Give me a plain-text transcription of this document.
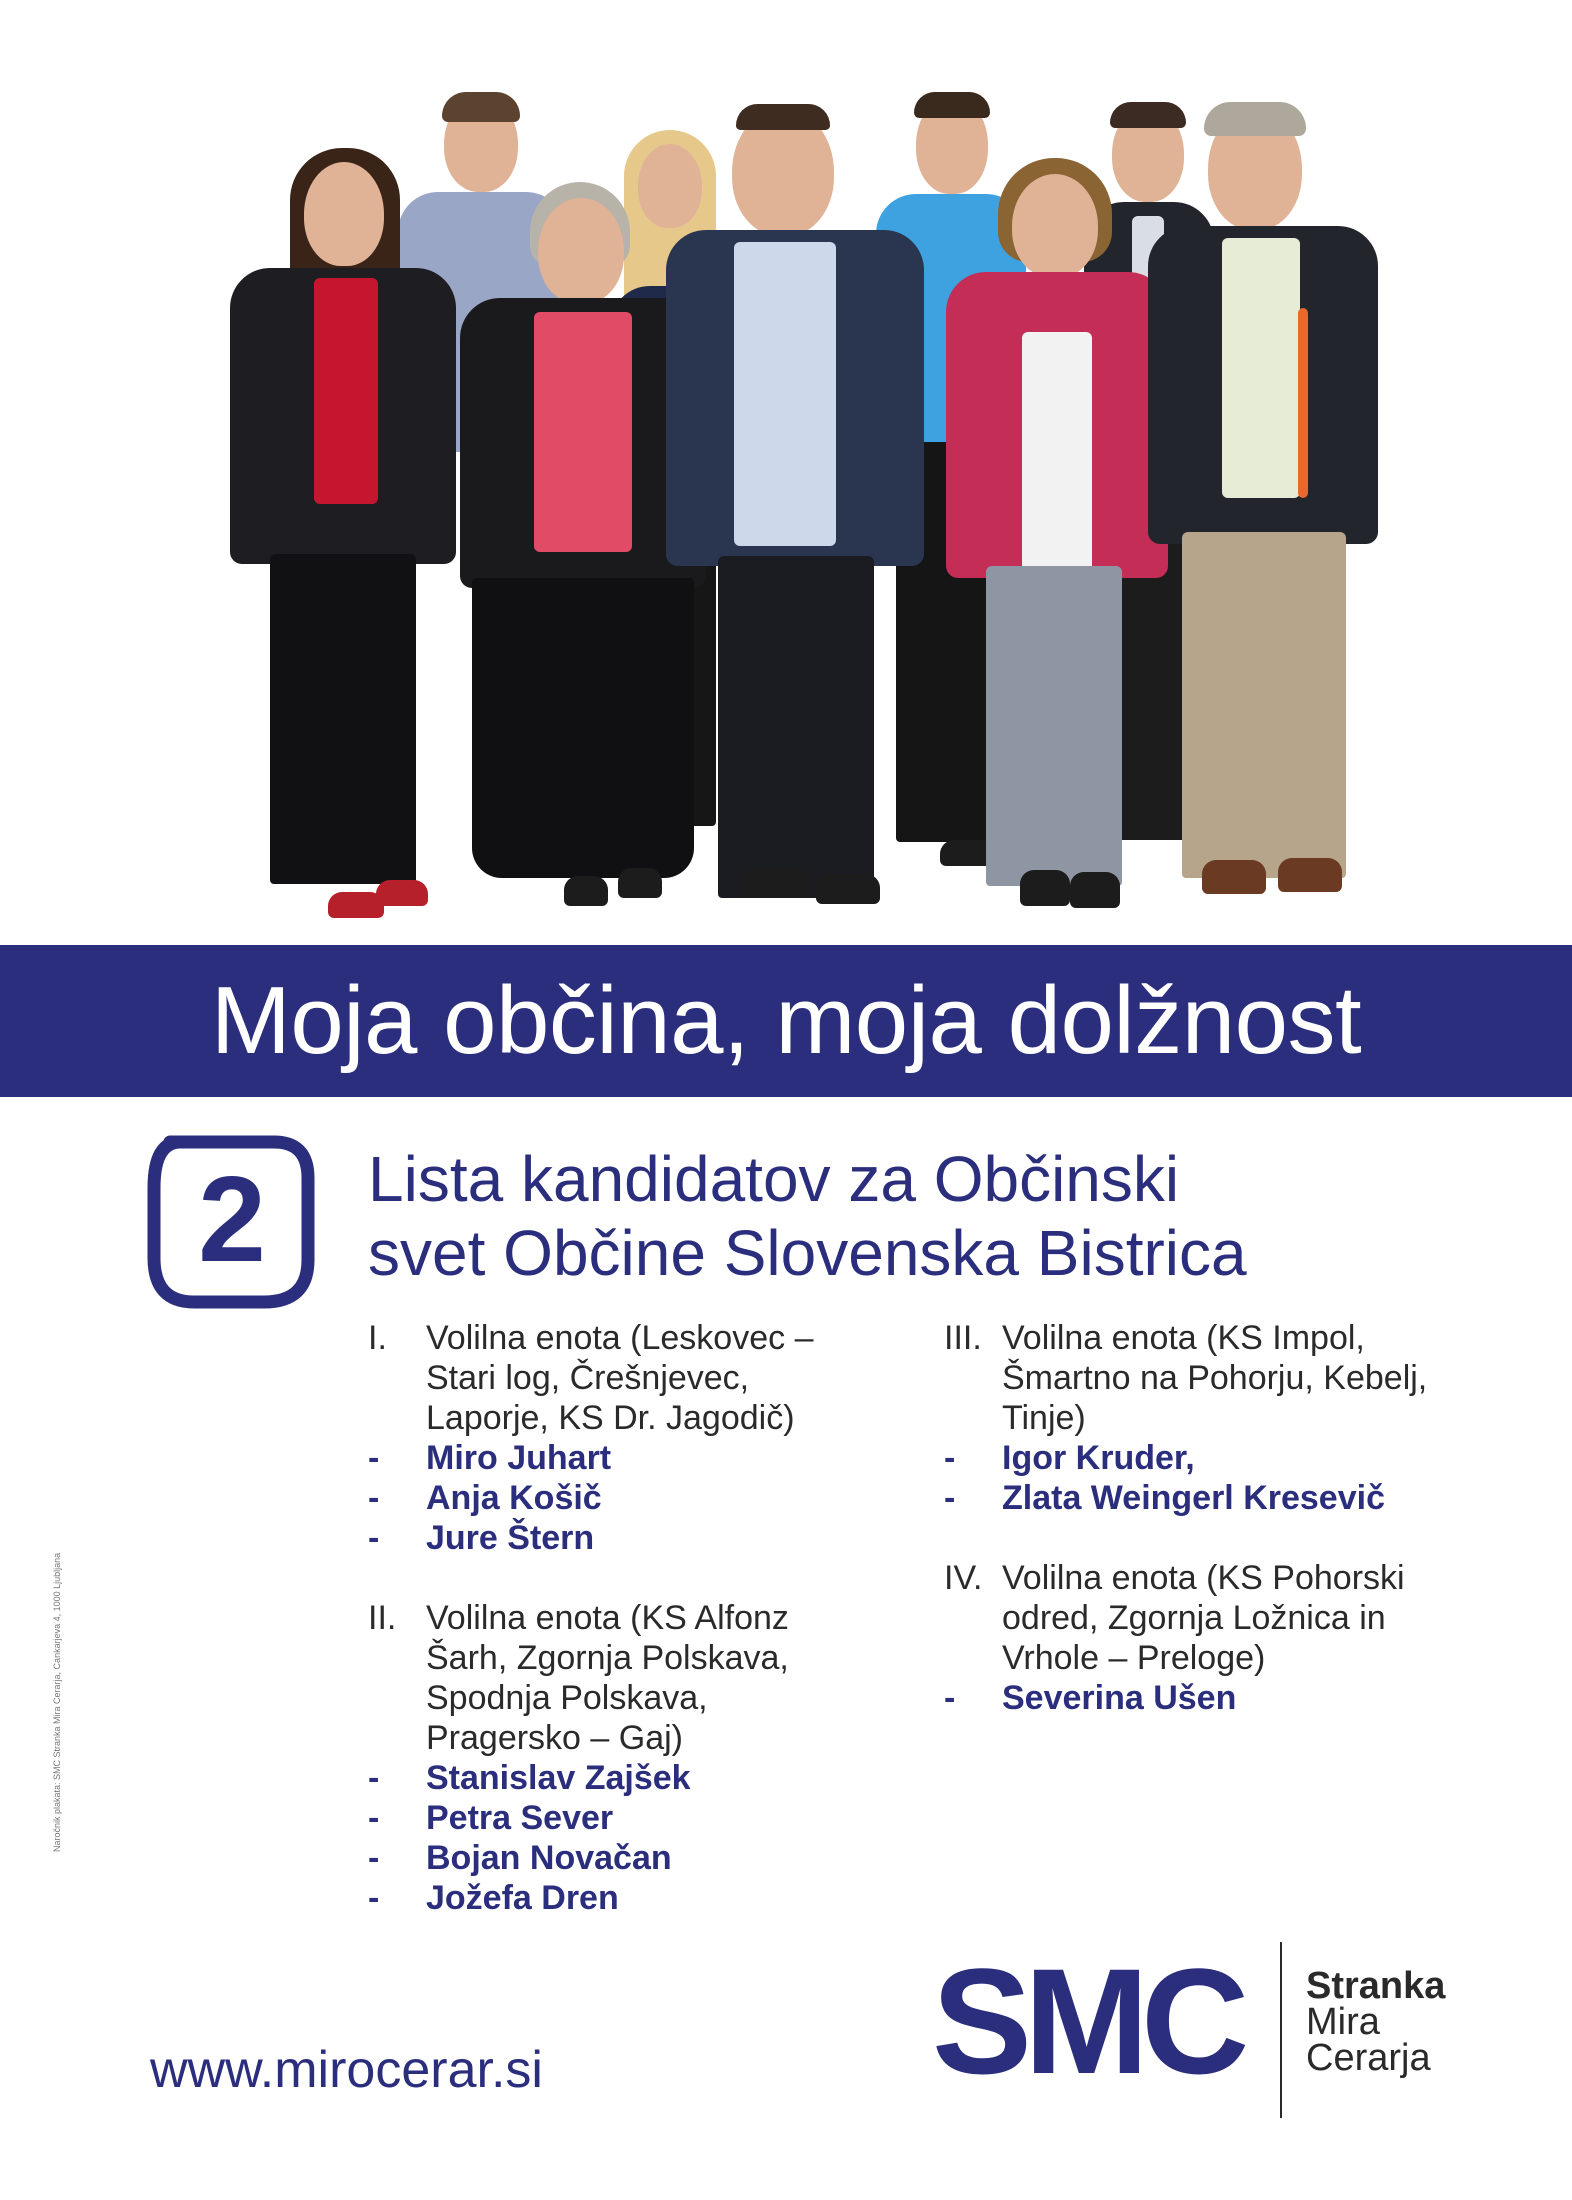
Moja občina, moja dolžnost
2 Lista kandidatov za Občinski
svet Občine Slovenska Bistrica
I.	Volilna enota (Leskovec –
Stari log, Črešnjevec,
Laporje, KS Dr. Jagodič)
-	Miro Juhart
-	Anja Košič
-	Jure Štern
II. Volilna enota (KS Alfonz
Šarh, Zgornja Polskava,
Spodnja Polskava,
Pragersko – Gaj)
-	Stanislav Zajšek
-	Petra Sever
-	Bojan Novačan
-	Jožefa Dren
III. Volilna enota (KS Impol,
Šmartno na Pohorju, Kebelj,
Tinje)
-	Igor Kruder,
-	Zlata Weingerl Kresevič
IV. Volilna enota (KS Pohorski
odred, Zgornja Ložnica in
Vrhole – Preloge)
-	Severina Ušen
Naročnik plakata: SMC Stranka Mira Cerarja, Cankarjeva 4, 1000 Ljubljana
www.mirocerar.si	SMC Stranka
Mira
Cerarja
